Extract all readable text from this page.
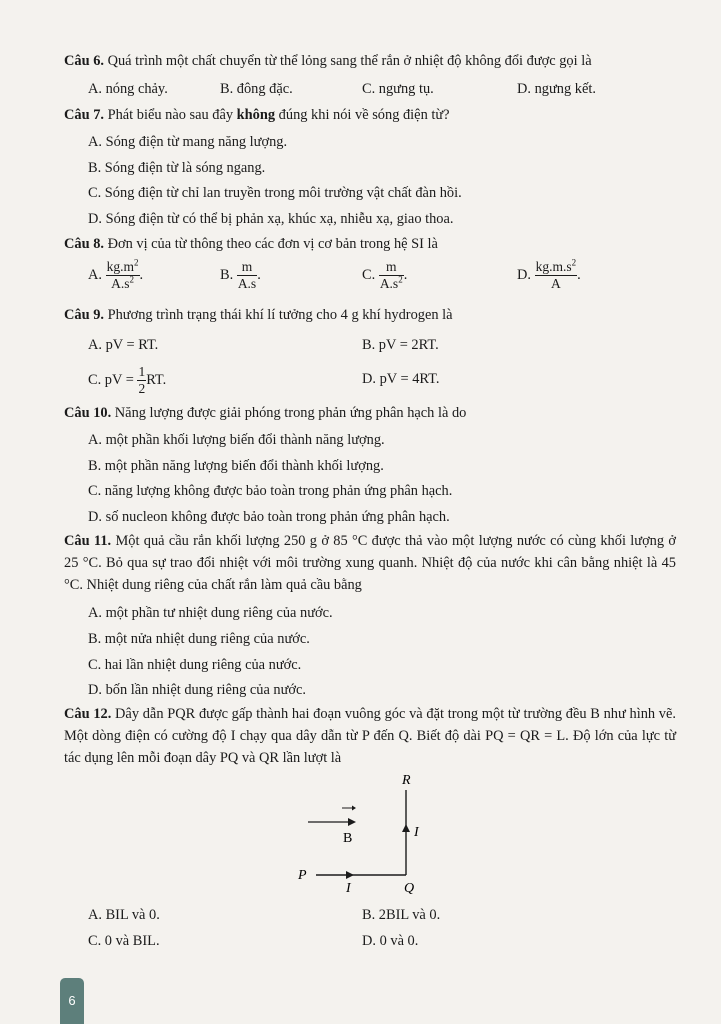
Câu 6. Quá trình một chất chuyển từ thể lỏng sang thể rắn ở nhiệt độ không đổi được gọi là
A. nóng chảy.	B. đông đặc.	C. ngưng tụ.	D. ngưng kết.
Câu 7. Phát biểu nào sau đây không đúng khi nói về sóng điện từ?
A. Sóng điện từ mang năng lượng.
B. Sóng điện từ là sóng ngang.
C. Sóng điện từ chỉ lan truyền trong môi trường vật chất đàn hồi.
D. Sóng điện từ có thể bị phản xạ, khúc xạ, nhiễu xạ, giao thoa.
Câu 8. Đơn vị của từ thông theo các đơn vị cơ bản trong hệ SI là
A. $\frac{kg.m^2}{A.s^2}$ .	B. $\frac{m}{A.s}$ .	C. $\frac{m}{A.s^2}$ .	D. $\frac{kg.m.s^2}{A}$ .
Câu 9. Phương trình trạng thái khí lí tưởng cho 4 g khí hydrogen là
A. pV = RT.	B. pV = 2RT.
C. pV = $\frac{1}{2}$ RT.	D. pV = 4RT.
Câu 10. Năng lượng được giải phóng trong phản ứng phân hạch là do
A. một phần khối lượng biến đổi thành năng lượng.
B. một phần năng lượng biến đổi thành khối lượng.
C. năng lượng không được bảo toàn trong phản ứng phân hạch.
D. số nucleon không được bảo toàn trong phản ứng phân hạch.
Câu 11. Một quả cầu rắn khối lượng 250 g ở 85 °C được thả vào một lượng nước có cùng khối lượng ở 25 °C. Bỏ qua sự trao đổi nhiệt với môi trường xung quanh. Nhiệt độ của nước khi cân bằng nhiệt là 45 °C. Nhiệt dung riêng của chất rắn làm quả cầu bằng
A. một phần tư nhiệt dung riêng của nước.
B. một nửa nhiệt dung riêng của nước.
C. hai lần nhiệt dung riêng của nước.
D. bốn lần nhiệt dung riêng của nước.
Câu 12. Dây dẫn PQR được gấp thành hai đoạn vuông góc và đặt trong một từ trường đều B như hình vẽ. Một dòng điện có cường độ I chạy qua dây dẫn từ P đến Q. Biết độ dài PQ = QR = L. Độ lớn của lực từ tác dụng lên mỗi đoạn dây PQ và QR lần lượt là
B
R
P
Q
I
I
A. BIL và 0.	B. 2BIL và 0.
C. 0 và BIL.	D. 0 và 0.
6
